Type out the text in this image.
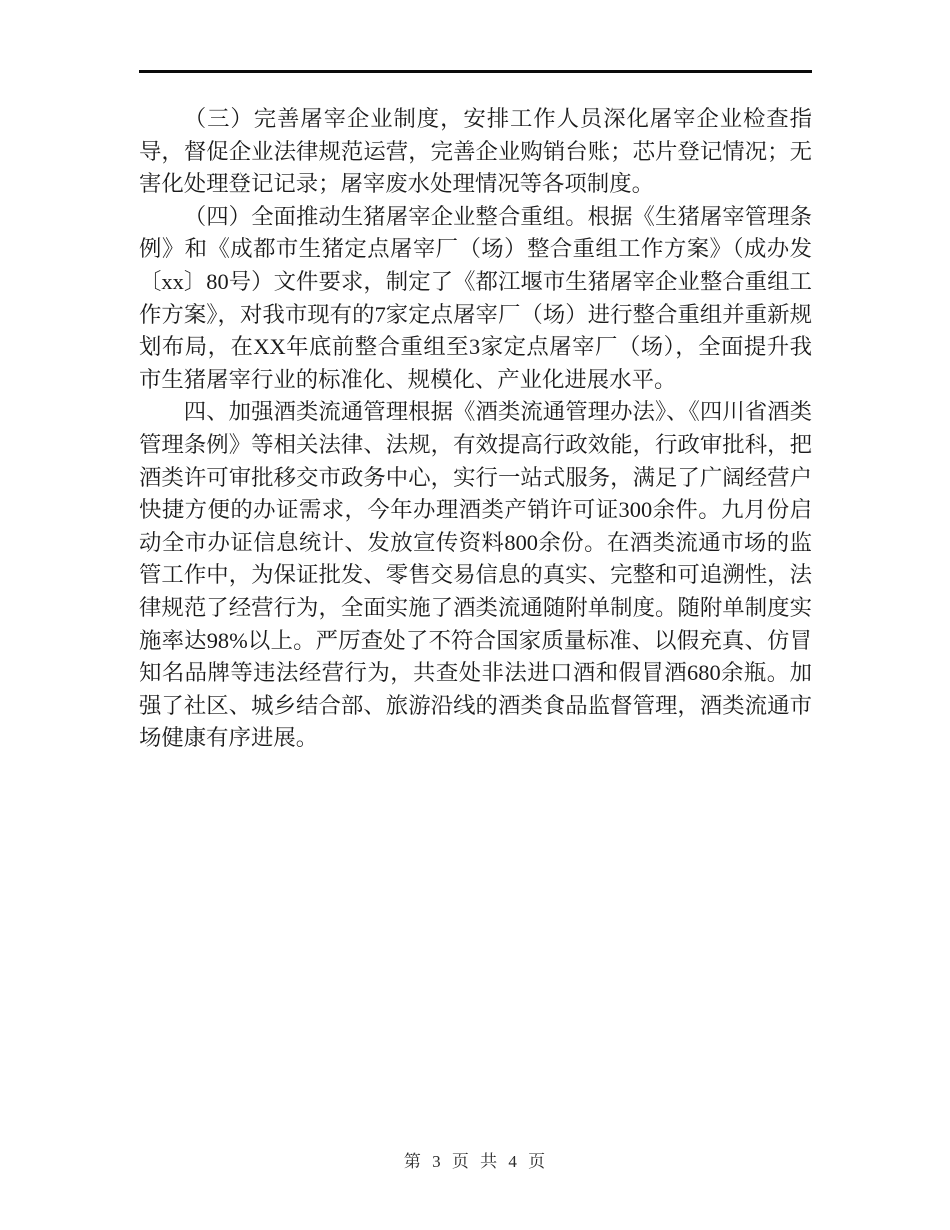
（三）完善屠宰企业制度，安排工作人员深化屠宰企业检查指导，督促企业法律规范运营，完善企业购销台账；芯片登记情况；无害化处理登记记录；屠宰废水处理情况等各项制度。

（四）全面推动生猪屠宰企业整合重组。根据《生猪屠宰管理条例》和《成都市生猪定点屠宰厂（场）整合重组工作方案》（成办发〔xx〕80号）文件要求，制定了《都江堰市生猪屠宰企业整合重组工作方案》，对我市现有的7家定点屠宰厂（场）进行整合重组并重新规划布局，在XX年底前整合重组至3家定点屠宰厂（场），全面提升我市生猪屠宰行业的标准化、规模化、产业化进展水平。

四、加强酒类流通管理根据《酒类流通管理办法》、《四川省酒类管理条例》等相关法律、法规，有效提高行政效能，行政审批科，把酒类许可审批移交市政务中心，实行一站式服务，满足了广阔经营户快捷方便的办证需求，今年办理酒类产销许可证300余件。九月份启动全市办证信息统计、发放宣传资料800余份。在酒类流通市场的监管工作中，为保证批发、零售交易信息的真实、完整和可追溯性，法律规范了经营行为，全面实施了酒类流通随附单制度。随附单制度实施率达98%以上。严厉查处了不符合国家质量标准、以假充真、仿冒知名品牌等违法经营行为，共查处非法进口酒和假冒酒680余瓶。加强了社区、城乡结合部、旅游沿线的酒类食品监督管理，酒类流通市场健康有序进展。

第 3 页 共 4 页
